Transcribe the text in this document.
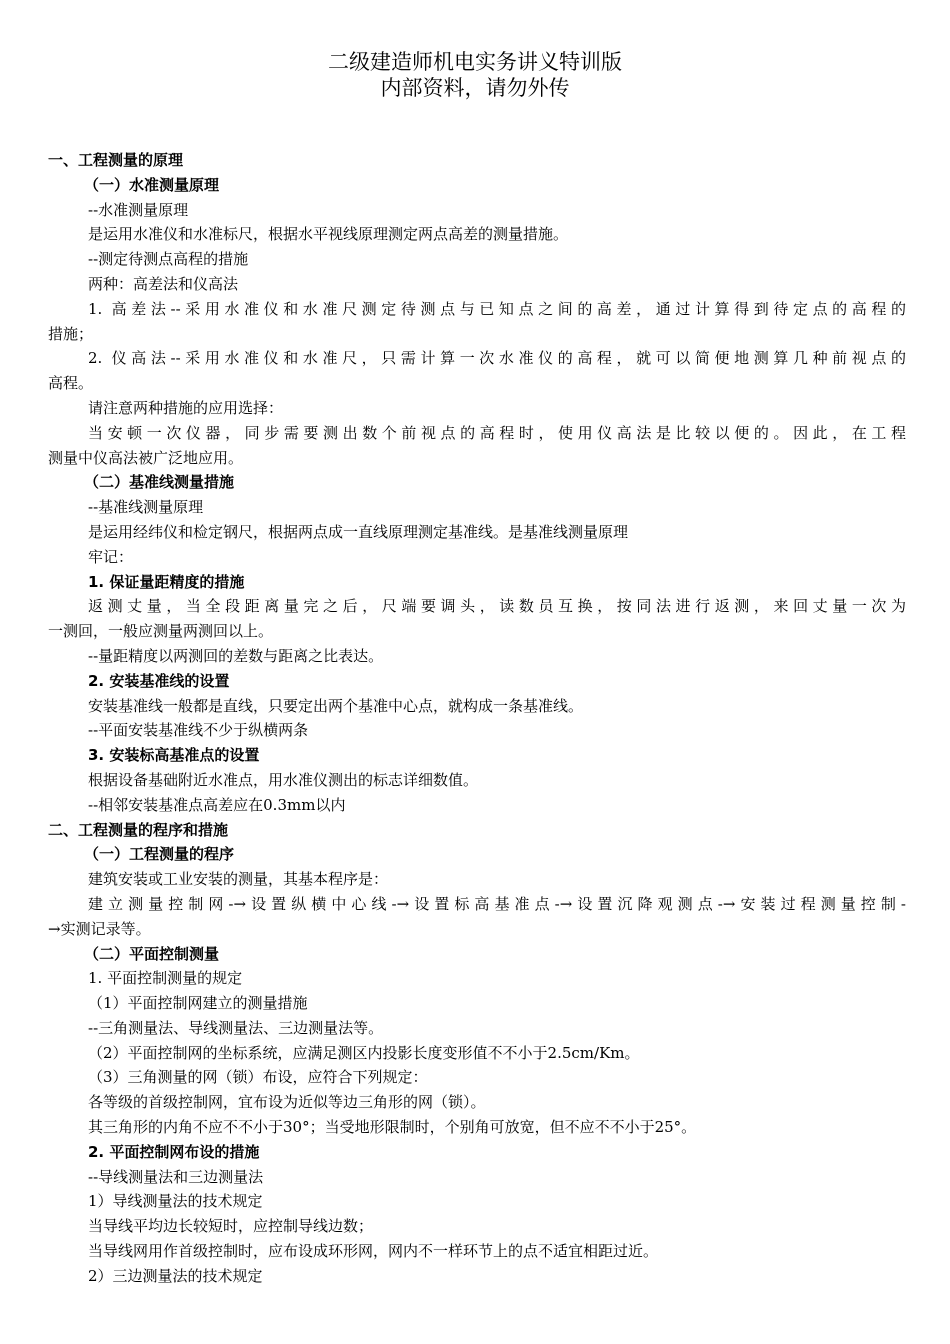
二级建造师机电实务讲义特训版
内部资料，请勿外传
一、工程测量的原理
（一）水准测量原理
--水准测量原理
是运用水准仪和水准标尺，根据水平视线原理测定两点高差的测量措施。
--测定待测点高程的措施
两种：高差法和仪高法
1. 高差法--采用水准仪和水准尺测定待测点与已知点之间的高差，通过计算得到待定点的高程的
措施；
2. 仪高法--采用水准仪和水准尺，只需计算一次水准仪的高程，就可以简便地测算几种前视点的
高程。
请注意两种措施的应用选择：
当安顿一次仪器，同步需要测出数个前视点的高程时，使用仪高法是比较以便的。因此，在工程
测量中仪高法被广泛地应用。
（二）基准线测量措施
--基准线测量原理
是运用经纬仪和检定钢尺，根据两点成一直线原理测定基准线。是基准线测量原理
牢记：
1. 保证量距精度的措施
返测丈量，当全段距离量完之后，尺端要调头，读数员互换，按同法进行返测，来回丈量一次为
一测回，一般应测量两测回以上。
--量距精度以两测回的差数与距离之比表达。
2. 安装基准线的设置
安装基准线一般都是直线，只要定出两个基准中心点，就构成一条基准线。
--平面安装基准线不少于纵横两条
3. 安装标高基准点的设置
根据设备基础附近水准点，用水准仪测出的标志详细数值。
--相邻安装基准点高差应在0.3mm以内
二、工程测量的程序和措施
（一）工程测量的程序
建筑安装或工业安装的测量，其基本程序是：
建立测量控制网-→设置纵横中心线-→设置标高基准点-→设置沉降观测点-→安装过程测量控制-
→实测记录等。
（二）平面控制测量
1. 平面控制测量的规定
（1）平面控制网建立的测量措施
--三角测量法、导线测量法、三边测量法等。
（2）平面控制网的坐标系统，应满足测区内投影长度变形值不不小于2.5cm/Km。
（3）三角测量的网（锁）布设，应符合下列规定：
各等级的首级控制网，宜布设为近似等边三角形的网（锁）。
其三角形的内角不应不不小于30°；当受地形限制时，个别角可放宽，但不应不不小于25°。
2. 平面控制网布设的措施
--导线测量法和三边测量法
1）导线测量法的技术规定
当导线平均边长较短时，应控制导线边数；
当导线网用作首级控制时，应布设成环形网，网内不一样环节上的点不适宜相距过近。
2）三边测量法的技术规定
